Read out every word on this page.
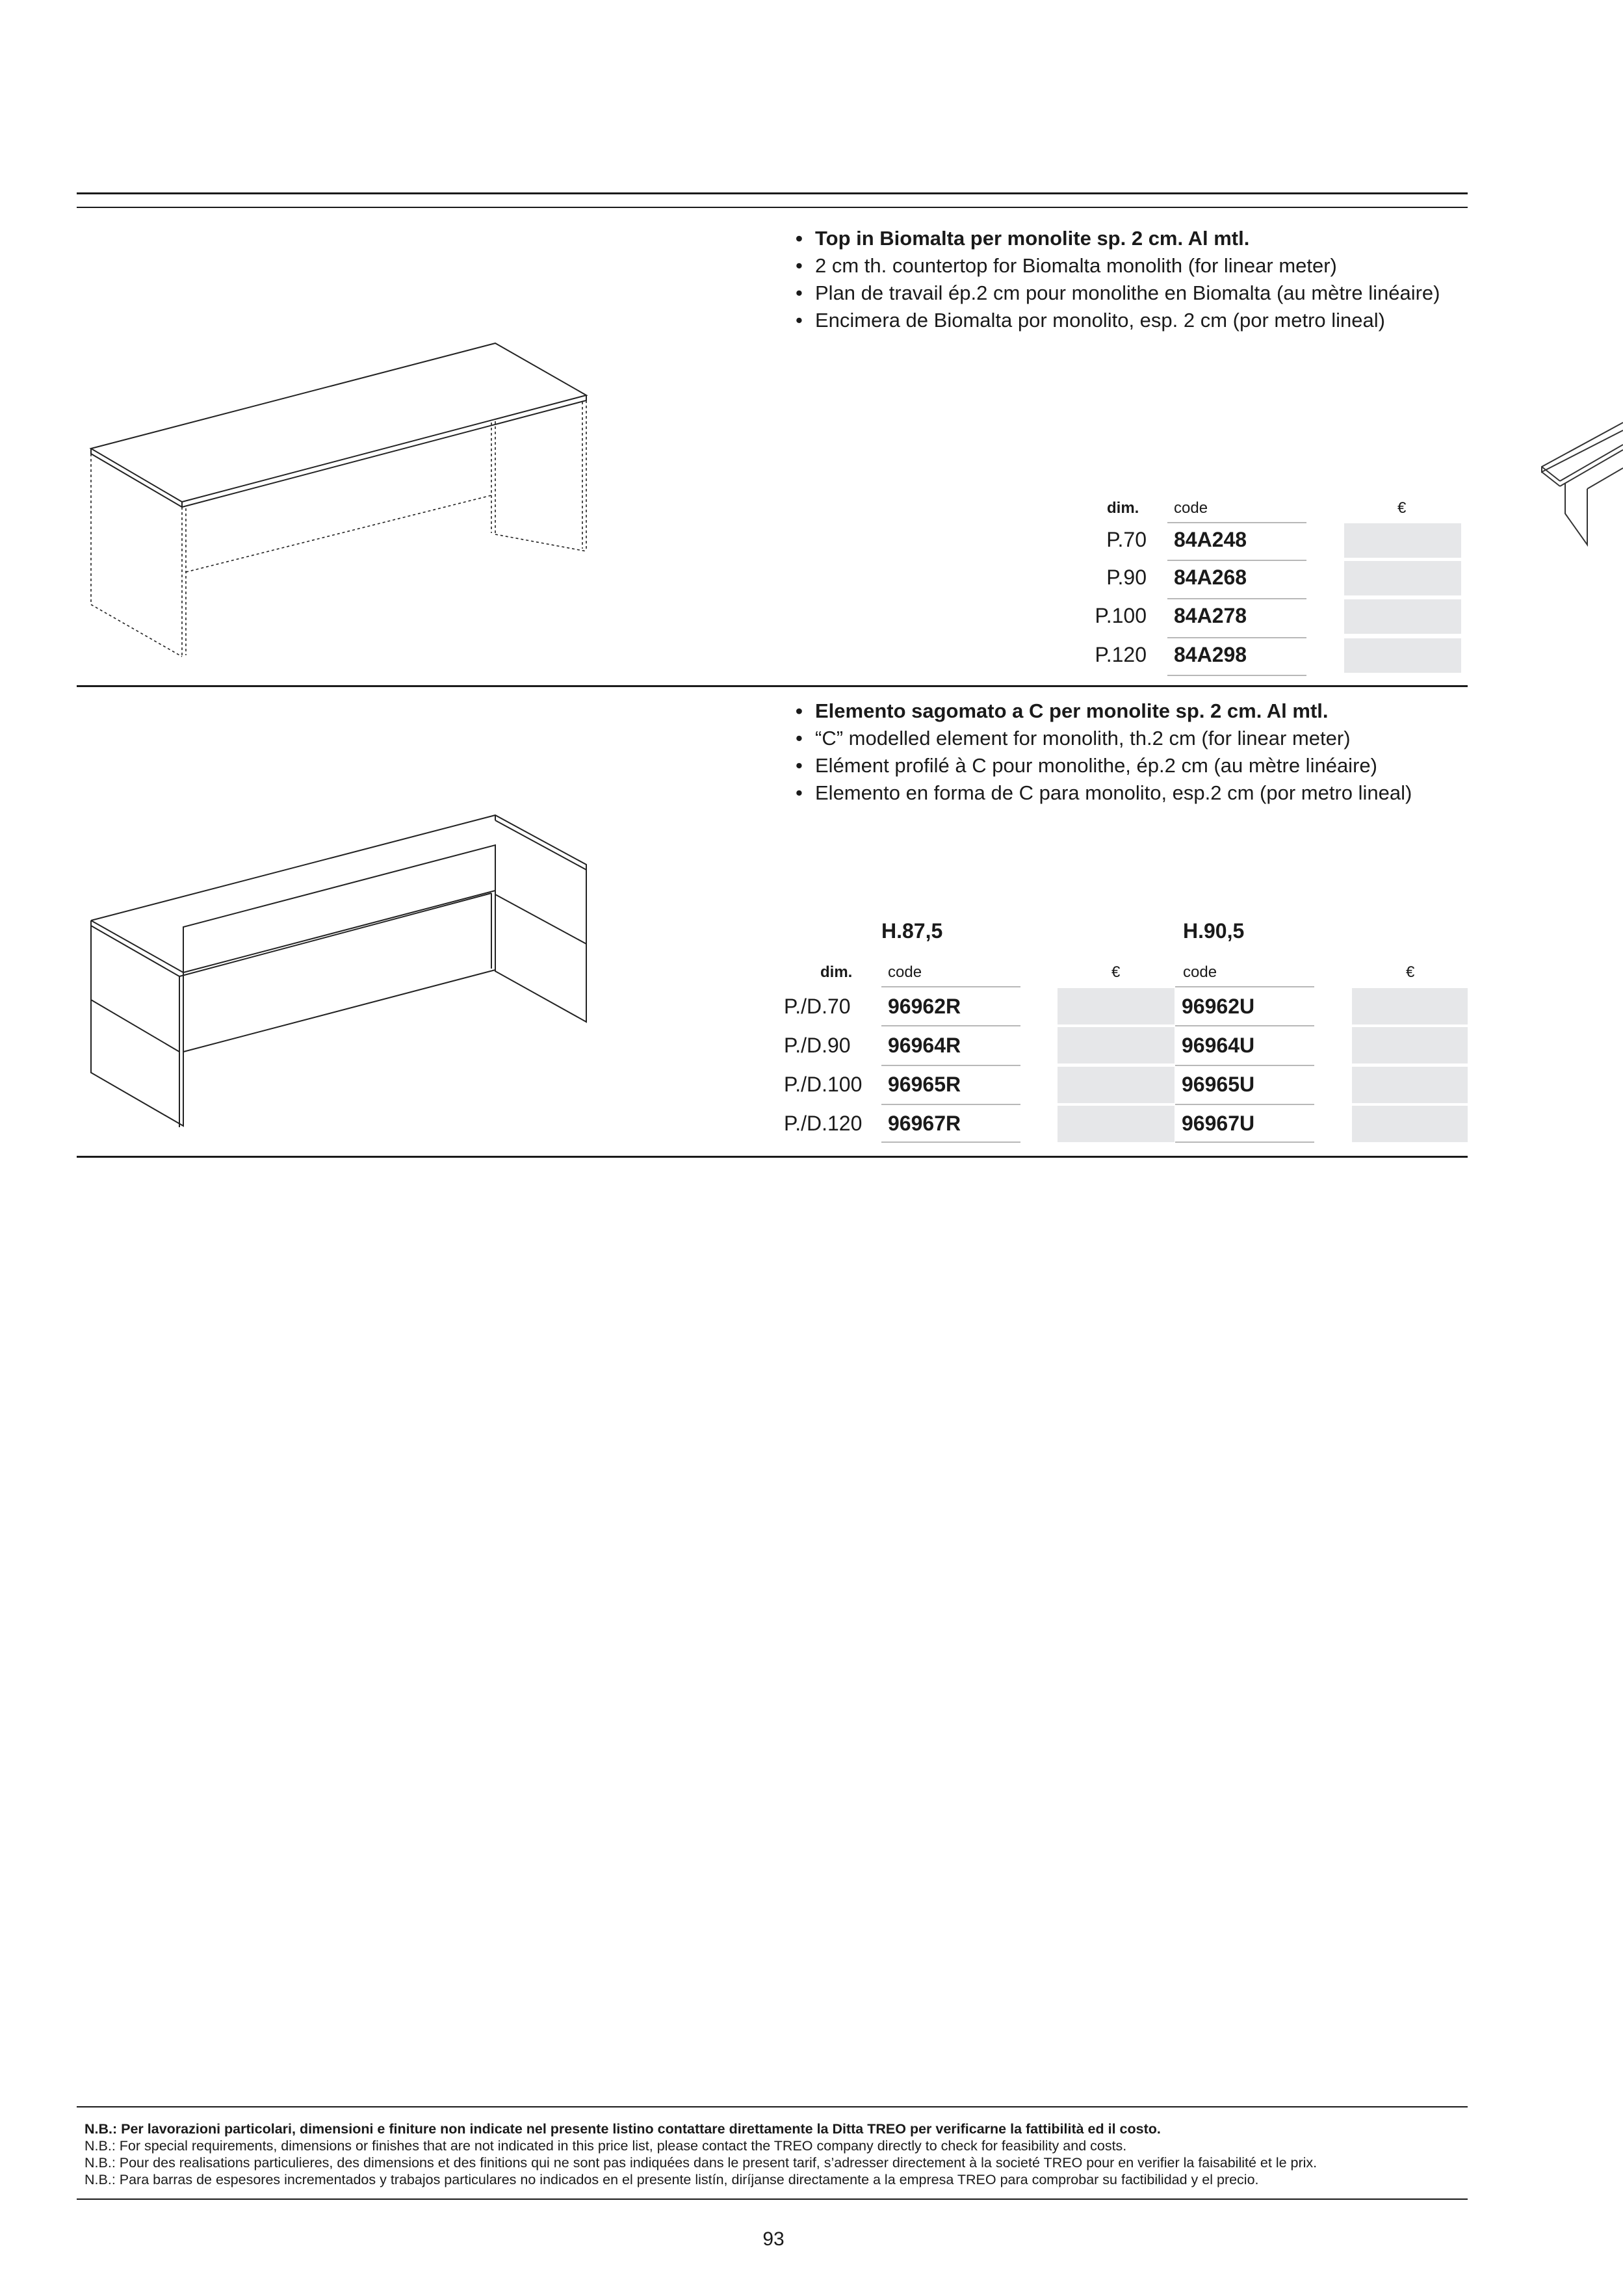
• Top in Biomalta per monolite sp. 2 cm. Al mtl.
• 2 cm th. countertop for Biomalta monolith (for linear meter)
• Plan de travail ép.2 cm pour monolithe en Biomalta (au mètre linéaire)
• Encimera de Biomalta por monolito, esp. 2 cm (por metro lineal)
dim. code	€
P.70 84A248
P.90 84A268
P.100 84A278
P.120 84A298
• Elemento sagomato a C per monolite sp. 2 cm. Al mtl.
• “C” modelled element for monolith, th.2 cm (for linear meter)
• Elément profilé à C pour monolithe, ép.2 cm (au mètre linéaire)
• Elemento en forma de C para monolito, esp.2 cm (por metro lineal)
H.87,5	H.90,5
dim. code	€	code	€
P./D.70 96962R	96962U
P./D.90 96964R	96964U
P./D.100 96965R	96965U
P./D.120 96967R	96967U
N.B.: Per lavorazioni particolari, dimensioni e finiture non indicate nel presente listino contattare direttamente la Ditta TREO per verificarne la fattibilità ed il costo.
N.B.: For special requirements, dimensions or finishes that are not indicated in this price list, please contact the TREO company directly to check for feasibility and costs.
N.B.: Pour des realisations particulieres, des dimensions et des finitions qui ne sont pas indiquées dans le present tarif, s’adresser directement à la societé TREO pour en verifier la faisabilité et le prix.
N.B.: Para barras de espesores incrementados y trabajos particulares no indicados en el presente listín, diríjanse directamente a la empresa TREO para comprobar su factibilidad y el precio.
93
